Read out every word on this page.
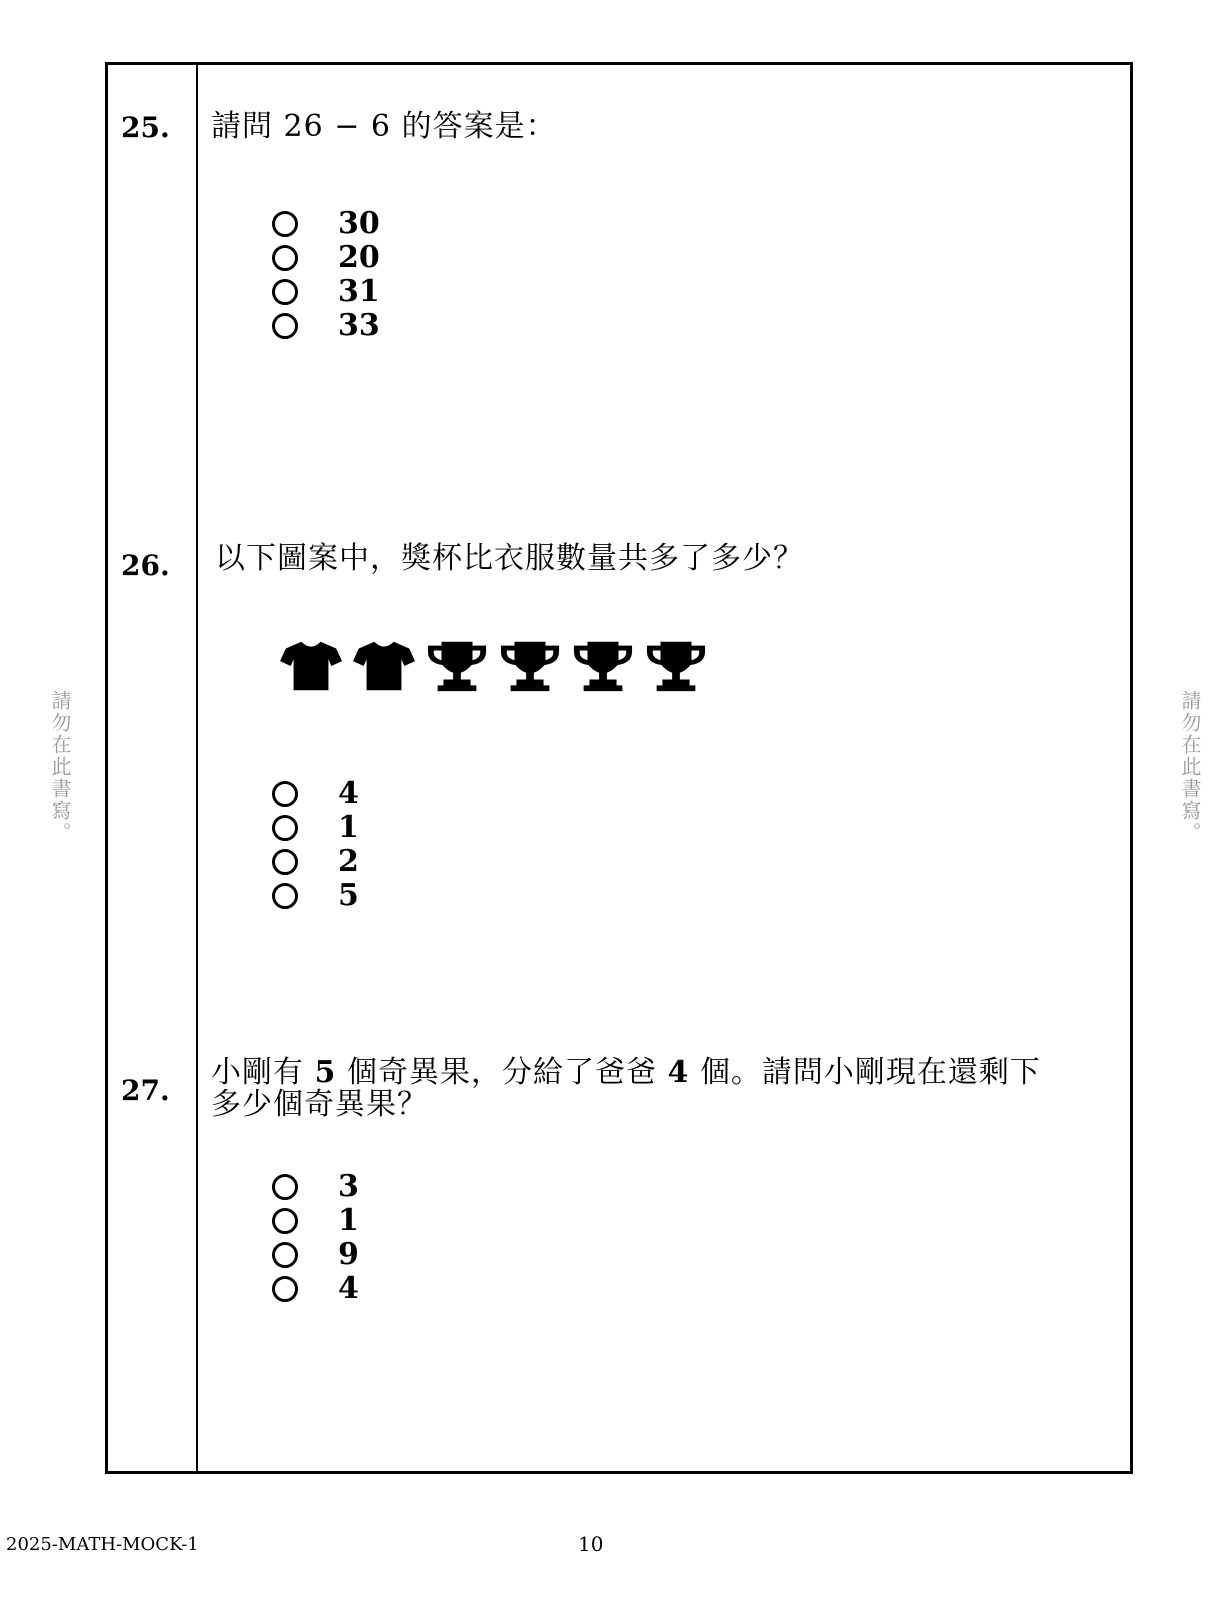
請勿在此書寫。	請勿在此書寫。
25. 請問 26 − 6 的答案是：
30
20
31
33
26. 以下圖案中，獎杯比衣服數量共多了多少？
4
1
2
5
27.
小剛有 5 個奇異果，分給了爸爸 4 個。請問小剛現在還剩下
多少個奇異果？
3
1
9
4
2025-MATH-MOCK-1	10
